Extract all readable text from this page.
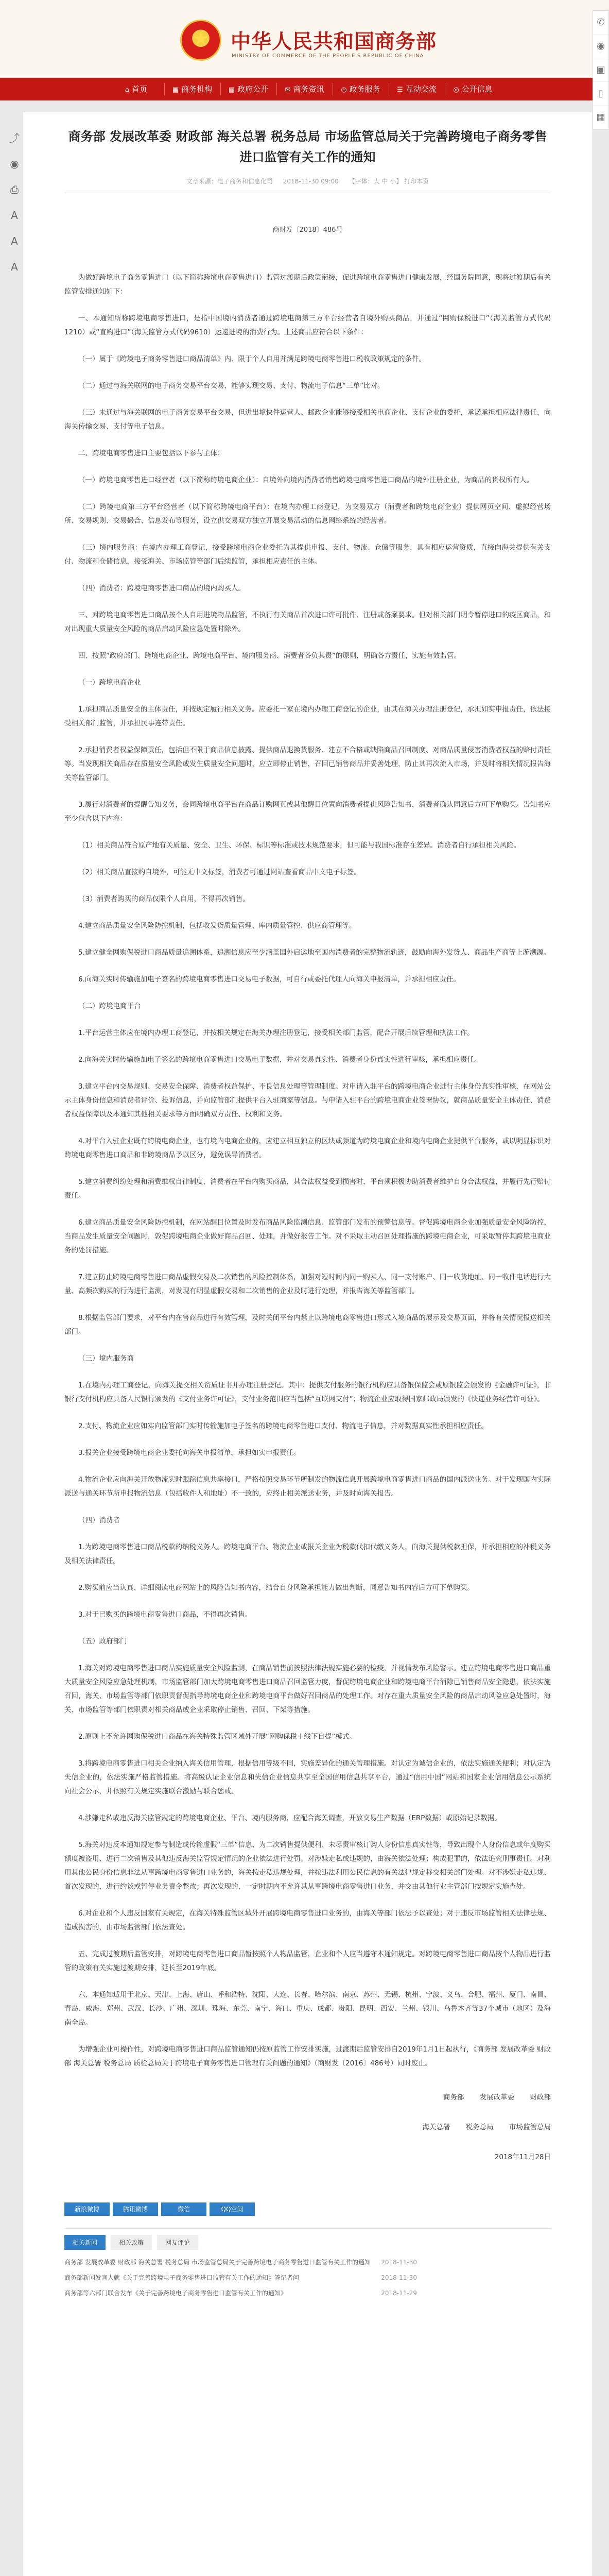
★
中华人民共和国商务部
MINISTRY OF COMMERCE OF THE PEOPLE'S REPUBLIC OF CHINA
⌂ 首页	▦ 商务机构	▤ 政府公开	✉ 商务资讯	◷ 政务服务	☰ 互动交流	◎ 公开信息
⤴
◉
⎙
A
A
A
✆
◉
▣
▯
▦
商务部 发展改革委 财政部 海关总署 税务总局 市场监管总局关于完善跨境电子商务零售
进口监管有关工作的通知
文章来源：电子商务和信息化司 2018-11-30 09:00 【字体：大 中 小】 打印本页
商财发〔2018〕486号

为做好跨境电子商务零售进口（以下简称跨境电商零售进口）监管过渡期后政策衔接，促进跨境电商零售进口健康发展，经国务院同意，现将过渡期后有关监管安排通知如下：

一、本通知所称跨境电商零售进口，是指中国境内消费者通过跨境电商第三方平台经营者自境外购买商品，并通过“网购保税进口”（海关监管方式代码1210）或“直购进口”（海关监管方式代码9610）运递进境的消费行为。上述商品应符合以下条件：

（一）属于《跨境电子商务零售进口商品清单》内、限于个人自用并满足跨境电商零售进口税收政策规定的条件。

（二）通过与海关联网的电子商务交易平台交易，能够实现交易、支付、物流电子信息“三单”比对。

（三）未通过与海关联网的电子商务交易平台交易，但进出境快件运营人、邮政企业能够接受相关电商企业、支付企业的委托，承诺承担相应法律责任，向海关传输交易、支付等电子信息。

二、跨境电商零售进口主要包括以下参与主体：

（一）跨境电商零售进口经营者（以下简称跨境电商企业）：自境外向境内消费者销售跨境电商零售进口商品的境外注册企业，为商品的货权所有人。

（二）跨境电商第三方平台经营者（以下简称跨境电商平台）：在境内办理工商登记，为交易双方（消费者和跨境电商企业）提供网页空间、虚拟经营场所、交易规则、交易撮合、信息发布等服务，设立供交易双方独立开展交易活动的信息网络系统的经营者。

（三）境内服务商：在境内办理工商登记，接受跨境电商企业委托为其提供申报、支付、物流、仓储等服务，具有相应运营资质，直接向海关提供有关支付、物流和仓储信息，接受海关、市场监管等部门后续监管，承担相应责任的主体。

（四）消费者：跨境电商零售进口商品的境内购买人。

三、对跨境电商零售进口商品按个人自用进境物品监管，不执行有关商品首次进口许可批件、注册或备案要求。但对相关部门明令暂停进口的疫区商品，和对出现重大质量安全风险的商品启动风险应急处置时除外。

四、按照“政府部门、跨境电商企业、跨境电商平台、境内服务商、消费者各负其责”的原则，明确各方责任，实施有效监管。

（一）跨境电商企业

1.承担商品质量安全的主体责任，并按规定履行相关义务。应委托一家在境内办理工商登记的企业，由其在海关办理注册登记，承担如实申报责任，依法接受相关部门监管，并承担民事连带责任。

2.承担消费者权益保障责任，包括但不限于商品信息披露、提供商品退换货服务、建立不合格或缺陷商品召回制度、对商品质量侵害消费者权益的赔付责任等。当发现相关商品存在质量安全风险或发生质量安全问题时，应立即停止销售，召回已销售商品并妥善处理，防止其再次流入市场，并及时将相关情况报告海关等监管部门。

3.履行对消费者的提醒告知义务，会同跨境电商平台在商品订购网页或其他醒目位置向消费者提供风险告知书，消费者确认同意后方可下单购买。告知书应至少包含以下内容：

（1）相关商品符合原产地有关质量、安全、卫生、环保、标识等标准或技术规范要求，但可能与我国标准存在差异。消费者自行承担相关风险。

（2）相关商品直接购自境外，可能无中文标签，消费者可通过网站查看商品中文电子标签。

（3）消费者购买的商品仅限个人自用，不得再次销售。

4.建立商品质量安全风险防控机制，包括收发货质量管理、库内质量管控、供应商管理等。

5.建立健全网购保税进口商品质量追溯体系，追溯信息应至少涵盖国外启运地至国内消费者的完整物流轨迹，鼓励向海外发货人、商品生产商等上游溯源。

6.向海关实时传输施加电子签名的跨境电商零售进口交易电子数据，可自行或委托代理人向海关申报清单，并承担相应责任。

（二）跨境电商平台

1.平台运营主体应在境内办理工商登记，并按相关规定在海关办理注册登记，接受相关部门监管，配合开展后续管理和执法工作。

2.向海关实时传输施加电子签名的跨境电商零售进口交易电子数据，并对交易真实性、消费者身份真实性进行审核，承担相应责任。

3.建立平台内交易规则、交易安全保障、消费者权益保护、不良信息处理等管理制度。对申请入驻平台的跨境电商企业进行主体身份真实性审核，在网站公示主体身份信息和消费者评价、投诉信息，并向监管部门提供平台入驻商家等信息。与申请入驻平台的跨境电商企业签署协议，就商品质量安全主体责任、消费者权益保障以及本通知其他相关要求等方面明确双方责任、权利和义务。

4.对平台入驻企业既有跨境电商企业，也有境内电商企业的，应建立相互独立的区块或频道为跨境电商企业和境内电商企业提供平台服务，或以明显标识对跨境电商零售进口商品和非跨境商品予以区分，避免误导消费者。

5.建立消费纠纷处理和消费维权自律制度，消费者在平台内购买商品，其合法权益受到损害时，平台须积极协助消费者维护自身合法权益，并履行先行赔付责任。

6.建立商品质量安全风险防控机制，在网站醒目位置及时发布商品风险监测信息、监管部门发布的预警信息等。督促跨境电商企业加强质量安全风险防控，当商品发生质量安全问题时，敦促跨境电商企业做好商品召回、处理，并做好报告工作。对不采取主动召回处理措施的跨境电商企业，可采取暂停其跨境电商业务的处罚措施。

7.建立防止跨境电商零售进口商品虚假交易及二次销售的风险控制体系，加强对短时间内同一购买人、同一支付账户、同一收货地址、同一收件电话进行大量、高频次购买的行为进行监测，对发现有明显虚假交易和二次销售的企业及时进行处理，并报告海关等监管部门。

8.根据监管部门要求，对平台内在售商品进行有效管理，及时关闭平台内禁止以跨境电商零售进口形式入境商品的展示及交易页面，并将有关情况报送相关部门。

（三）境内服务商

1.在境内办理工商登记，向海关提交相关资质证书并办理注册登记。其中：提供支付服务的银行机构应具备银保监会或原银监会颁发的《金融许可证》，非银行支付机构应具备人民银行颁发的《支付业务许可证》，支付业务范围应当包括“互联网支付”；物流企业应取得国家邮政局颁发的《快递业务经营许可证》。

2.支付、物流企业应如实向监管部门实时传输施加电子签名的跨境电商零售进口支付、物流电子信息，并对数据真实性承担相应责任。

3.报关企业接受跨境电商企业委托向海关申报清单，承担如实申报责任。

4.物流企业应向海关开放物流实时跟踪信息共享接口，严格按照交易环节所制发的物流信息开展跨境电商零售进口商品的国内派送业务。对于发现国内实际派送与通关环节所申报物流信息（包括收件人和地址）不一致的，应终止相关派送业务，并及时向海关报告。

（四）消费者

1.为跨境电商零售进口商品税款的纳税义务人。跨境电商平台、物流企业或报关企业为税款代扣代缴义务人，向海关提供税款担保，并承担相应的补税义务及相关法律责任。

2.购买前应当认真、详细阅读电商网站上的风险告知书内容，结合自身风险承担能力做出判断，同意告知书内容后方可下单购买。

3.对于已购买的跨境电商零售进口商品，不得再次销售。

（五）政府部门

1.海关对跨境电商零售进口商品实施质量安全风险监测，在商品销售前按照法律法规实施必要的检疫，并视情发布风险警示。建立跨境电商零售进口商品重大质量安全风险应急处理机制，市场监管部门加大跨境电商零售进口商品召回监管力度，督促跨境电商企业和跨境电商平台消除已销售商品安全隐患，依法实施召回，海关、市场监管等部门依职责督促指导跨境电商企业和跨境电商平台做好召回商品的处理工作。对存在重大质量安全风险的商品启动风险应急处置时，海关、市场监管等部门依职责对相关商品或企业采取停止销售、召回、下架等措施。

2.原则上不允许网购保税进口商品在海关特殊监管区域外开展“网购保税＋线下自提”模式。

3.将跨境电商零售进口相关企业纳入海关信用管理，根据信用等级不同，实施差异化的通关管理措施。对认定为诚信企业的，依法实施通关便利；对认定为失信企业的，依法实施严格监管措施。将高级认证企业信息和失信企业信息共享至全国信用信息共享平台，通过“信用中国”网站和国家企业信用信息公示系统向社会公示，并依照有关规定实施联合激励与联合惩戒。

4.涉嫌走私或违反海关监管规定的跨境电商企业、平台、境内服务商，应配合海关调查，开放交易生产数据（ERP数据）或原始记录数据。

5.海关对违反本通知规定参与制造或传输虚假“三单”信息、为二次销售提供便利、未尽责审核订购人身份信息真实性等，导致出现个人身份信息或年度购买额度被盗用、进行二次销售及其他违反海关监管规定情况的企业依法进行处罚。对涉嫌走私或违规的，由海关依法处理；构成犯罪的，依法追究刑事责任。对利用其他公民身份信息非法从事跨境电商零售进口业务的，海关按走私违规处理，并按违法利用公民信息的有关法律规定移交相关部门处理。对不涉嫌走私违规、首次发现的，进行约谈或暂停业务责令整改；再次发现的，一定时期内不允许其从事跨境电商零售进口业务，并交由其他行业主管部门按规定实施查处。

6.对企业和个人违反国家有关规定，在海关特殊监管区域外开展跨境电商零售进口业务的，由海关等部门依法予以查处；对于违反市场监管相关法律法规、造成损害的，由市场监管部门依法查处。

五、完成过渡期后监管安排，对跨境电商零售进口商品暂按照个人物品监管，企业和个人应当遵守本通知规定。对跨境电商零售进口商品按个人物品进行监管的政策有关实施过渡期安排，延长至2019年底。

六、本通知适用于北京、天津、上海、唐山、呼和浩特、沈阳、大连、长春、哈尔滨、南京、苏州、无锡、杭州、宁波、义乌、合肥、福州、厦门、南昌、青岛、威海、郑州、武汉、长沙、广州、深圳、珠海、东莞、南宁、海口、重庆、成都、贵阳、昆明、西安、兰州、银川、乌鲁木齐等37个城市（地区）及海南全岛。

为增强企业可操作性，对跨境电商零售进口商品监管通知仍按原监管工作安排实施，过渡期后监管安排自2019年1月1日起执行，《商务部 发展改革委 财政部 海关总署 税务总局 质检总局关于跨境电子商务零售进口管理有关问题的通知》（商财发〔2016〕486号）同时废止。

商务部 发展改革委 财政部
海关总署 税务总局 市场监管总局
2018年11月28日
新浪微博	腾讯微博	微信	QQ空间
相关新闻	相关政策	网友评论
商务部 发展改革委 财政部 海关总署 税务总局 市场监管总局关于完善跨境电子商务零售进口监管有关工作的通知 2018-11-30
商务部新闻发言人就《关于完善跨境电子商务零售进口监管有关工作的通知》答记者问	2018-11-30
商务部等六部门联合发布《关于完善跨境电子商务零售进口监管有关工作的通知》	2018-11-29
